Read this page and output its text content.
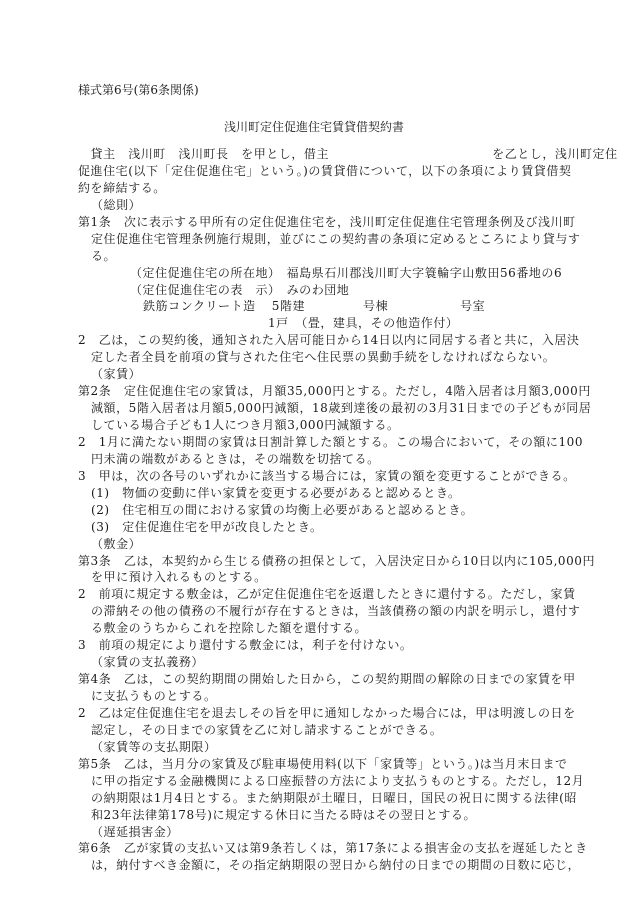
様式第6号(第6条関係)
浅川町定住促進住宅賃貸借契約書
　貸主　浅川町　浅川町長　を甲とし，借主　　　　　　　　　　　　　を乙とし，浅川町定住
促進住宅(以下「定住促進住宅」という。)の賃貸借について，以下の条項により賃貸借契
約を締結する。
（総則）
第1条　次に表示する甲所有の定住促進住宅を，浅川町定住促進住宅管理条例及び浅川町
定住促進住宅管理条例施行規則，並びにこの契約書の条項に定めるところにより貸与す
る。
（定住促進住宅の所在地） 福島県石川郡浅川町大字簑輪字山敷田56番地の6
（定住促進住宅の表　示） みのわ団地
鉄筋コンクリート造 5階建	号棟	号室
1戸　（畳，建具，その他造作付）
2　乙は，この契約後，通知された入居可能日から14日以内に同居する者と共に，入居決
定した者全員を前項の貸与された住宅へ住民票の異動手続をしなければならない。
（家賃）
第2条　定住促進住宅の家賃は，月額35,000円とする。ただし，4階入居者は月額3,000円
減額，5階入居者は月額5,000円減額，18歳到達後の最初の3月31日までの子どもが同居
している場合子ども1人につき月額3,000円減額する。
2　1月に満たない期間の家賃は日割計算した額とする。この場合において，その額に100
円未満の端数があるときは，その端数を切捨てる。
3　甲は，次の各号のいずれかに該当する場合には，家賃の額を変更することができる。
(1)　物価の変動に伴い家賃を変更する必要があると認めるとき。
(2)　住宅相互の間における家賃の均衡上必要があると認めるとき。
(3)　定住促進住宅を甲が改良したとき。
（敷金）
第3条　乙は，本契約から生じる債務の担保として，入居決定日から10日以内に105,000円
を甲に預け入れるものとする。
2　前項に規定する敷金は，乙が定住促進住宅を返還したときに還付する。ただし，家賃
の滞納その他の債務の不履行が存在するときは，当該債務の額の内訳を明示し，還付す
る敷金のうちからこれを控除した額を還付する。
3　前項の規定により還付する敷金には，利子を付けない。
（家賃の支払義務）
第4条　乙は，この契約期間の開始した日から，この契約期間の解除の日までの家賃を甲
に支払うものとする。
2　乙は定住促進住宅を退去しその旨を甲に通知しなかった場合には，甲は明渡しの日を
認定し，その日までの家賃を乙に対し請求することができる。
（家賃等の支払期限）
第5条　乙は，当月分の家賃及び駐車場使用料(以下「家賃等」という。)は当月末日まで
に甲の指定する金融機関による口座振替の方法により支払うものとする。ただし，12月
の納期限は1月4日とする。また納期限が土曜日，日曜日，国民の祝日に関する法律(昭
和23年法律第178号)に規定する休日に当たる時はその翌日とする。
（遅延損害金）
第6条　乙が家賃の支払い又は第9条若しくは，第17条による損害金の支払を遅延したとき
は，納付すべき金額に，その指定納期限の翌日から納付の日までの期間の日数に応じ，
